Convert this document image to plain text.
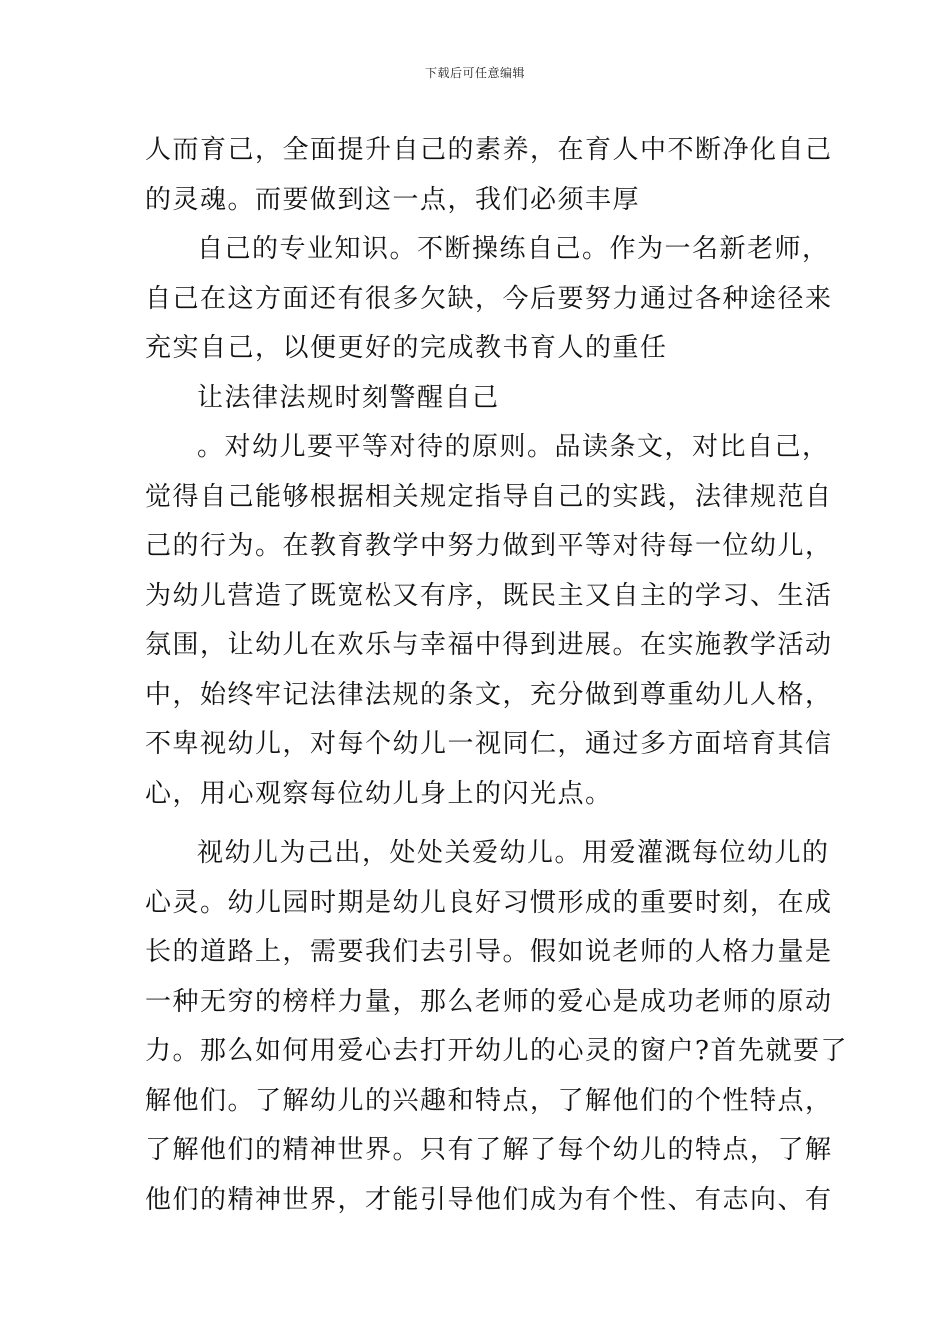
下载后可任意编辑
人而育己，全面提升自己的素养，在育人中不断净化自己
的灵魂。而要做到这一点，我们必须丰厚
自己的专业知识。不断操练自己。作为一名新老师，
自己在这方面还有很多欠缺，今后要努力通过各种途径来
充实自己，以便更好的完成教书育人的重任
让法律法规时刻警醒自己
。对幼儿要平等对待的原则。品读条文，对比自己，
觉得自己能够根据相关规定指导自己的实践，法律规范自
己的行为。在教育教学中努力做到平等对待每一位幼儿，
为幼儿营造了既宽松又有序，既民主又自主的学习、生活
氛围，让幼儿在欢乐与幸福中得到进展。在实施教学活动
中，始终牢记法律法规的条文，充分做到尊重幼儿人格，
不卑视幼儿，对每个幼儿一视同仁，通过多方面培育其信
心，用心观察每位幼儿身上的闪光点。
视幼儿为己出，处处关爱幼儿。用爱灌溉每位幼儿的
心灵。幼儿园时期是幼儿良好习惯形成的重要时刻，在成
长的道路上，需要我们去引导。假如说老师的人格力量是
一种无穷的榜样力量，那么老师的爱心是成功老师的原动
力。那么如何用爱心去打开幼儿的心灵的窗户?首先就要了
解他们。了解幼儿的兴趣和特点，了解他们的个性特点，
了解他们的精神世界。只有了解了每个幼儿的特点，了解
他们的精神世界，才能引导他们成为有个性、有志向、有
